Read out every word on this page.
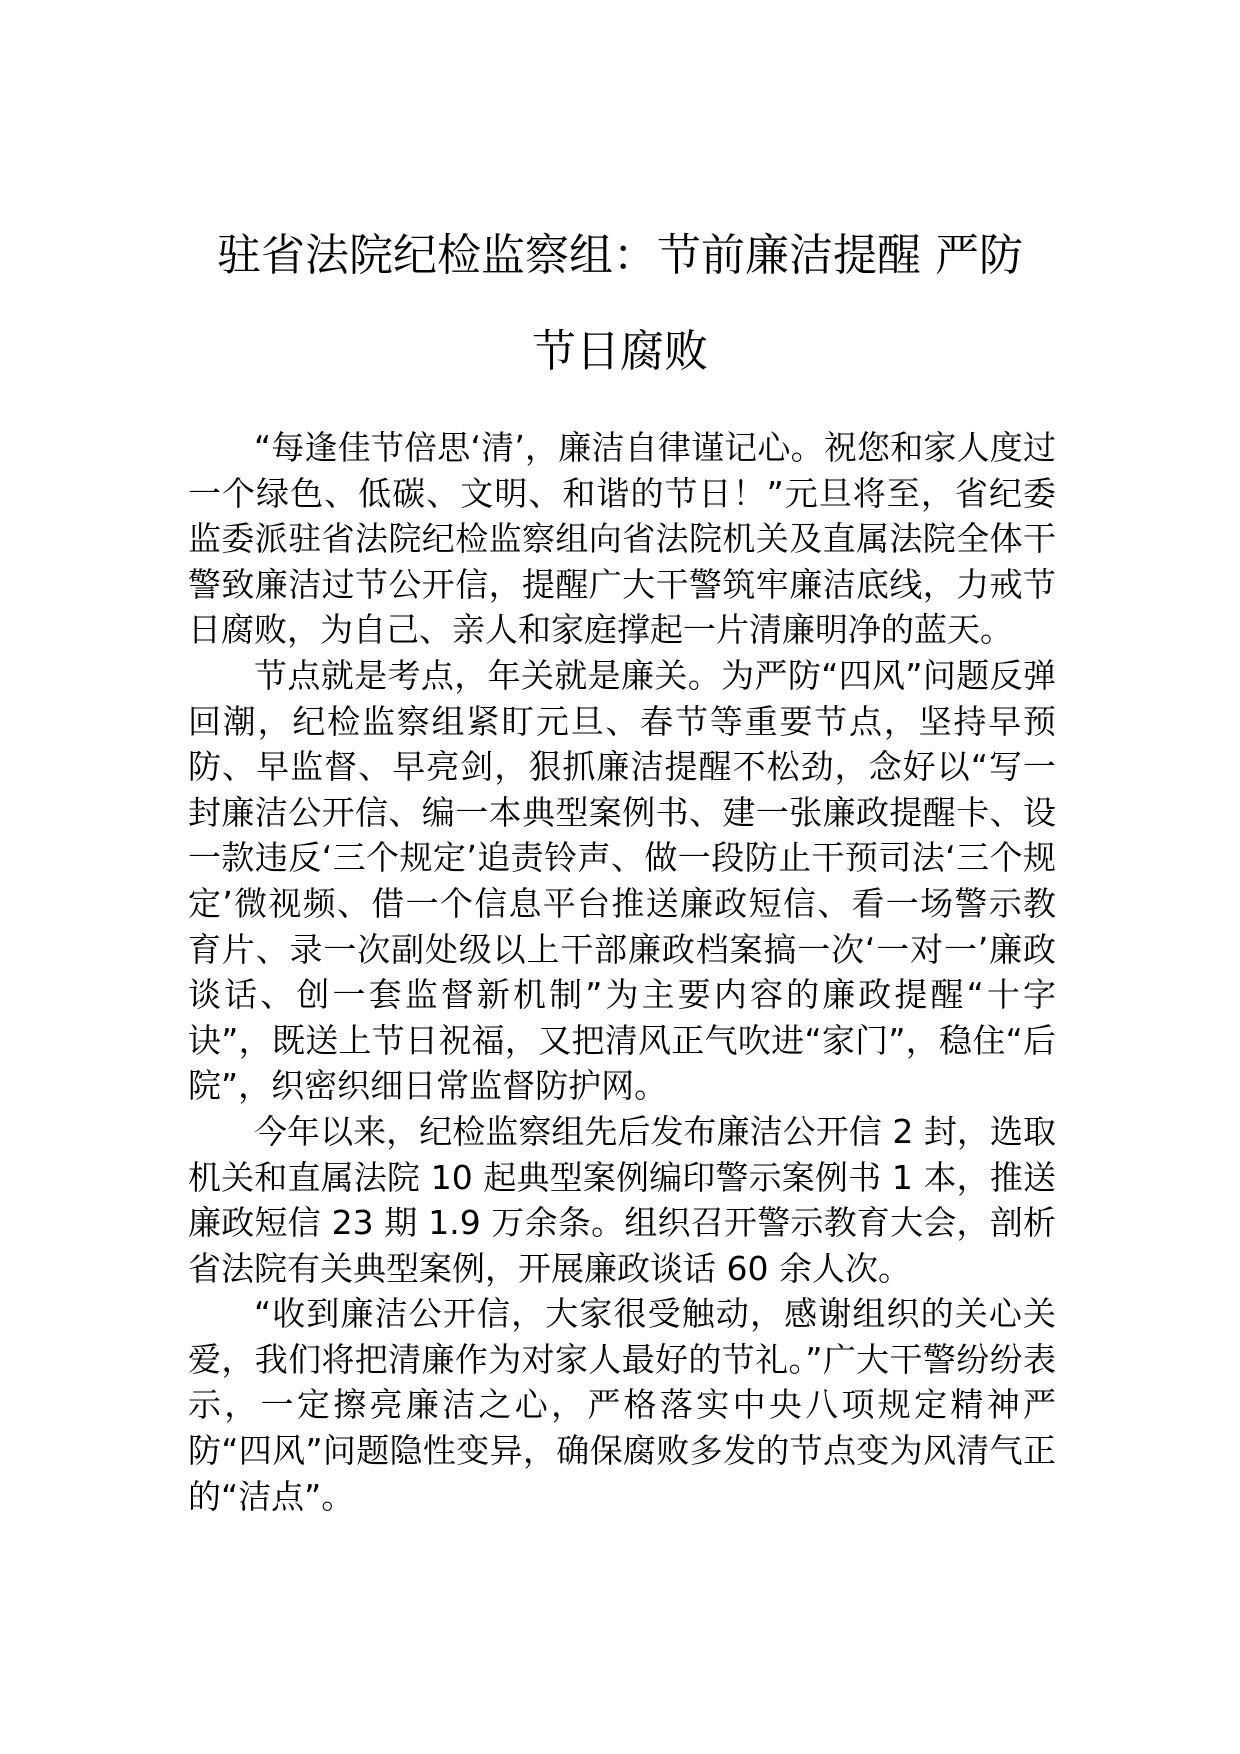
驻省法院纪检监察组：节前廉洁提醒 严防
节日腐败

“每逢佳节倍思‘清’，廉洁自律谨记心。祝您和家人度过一个绿色、低碳、文明、和谐的节日！”元旦将至，省纪委监委派驻省法院纪检监察组向省法院机关及直属法院全体干警致廉洁过节公开信，提醒广大干警筑牢廉洁底线，力戒节日腐败，为自己、亲人和家庭撑起一片清廉明净的蓝天。

节点就是考点，年关就是廉关。为严防“四风”问题反弹回潮，纪检监察组紧盯元旦、春节等重要节点，坚持早预防、早监督、早亮剑，狠抓廉洁提醒不松劲，念好以“写一封廉洁公开信、编一本典型案例书、建一张廉政提醒卡、设一款违反‘三个规定’追责铃声、做一段防止干预司法‘三个规定’微视频、借一个信息平台推送廉政短信、看一场警示教育片、录一次副处级以上干部廉政档案搞一次‘一对一’廉政谈话、创一套监督新机制”为主要内容的廉政提醒“十字诀”，既送上节日祝福，又把清风正气吹进“家门”，稳住“后院”，织密织细日常监督防护网。

今年以来，纪检监察组先后发布廉洁公开信 2 封，选取机关和直属法院 10 起典型案例编印警示案例书 1 本，推送廉政短信 23 期 1.9 万余条。组织召开警示教育大会，剖析省法院有关典型案例，开展廉政谈话 60 余人次。

“收到廉洁公开信，大家很受触动，感谢组织的关心关爱，我们将把清廉作为对家人最好的节礼。”广大干警纷纷表示，一定擦亮廉洁之心，严格落实中央八项规定精神严防“四风”问题隐性变异，确保腐败多发的节点变为风清气正的“洁点”。
